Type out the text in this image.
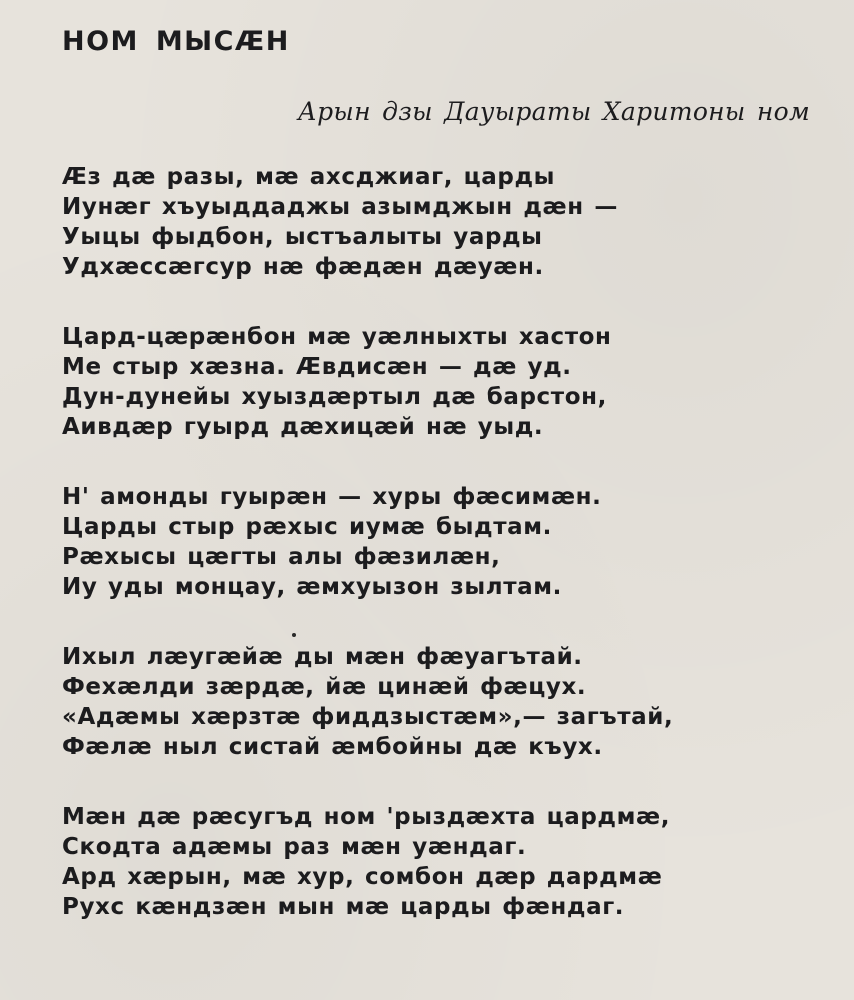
НОМ МЫСÆН

Арын дзы Дауыраты Харитоны ном

Æз дæ разы, мæ ахсджиаг, царды
Иунæг хъуыддаджы азымджын дæн —
Уыцы фыдбон, ыстъалыты уарды
Удхæссæгсур нæ фæдæн дæуæн.
Цард-цæрæнбон мæ уæлныхты хастон
Ме стыр хæзна. Æвдисæн — дæ уд.
Дун-дунейы хуыздæртыл дæ барстон,
Аивдæр гуырд дæхицæй нæ уыд.
Н' амонды гуырæн — хуры фæсимæн.
Царды стыр рæхыс иумæ быдтам.
Рæхысы цæгты алы фæзилæн,
Иу уды монцау, æмхуызон зылтам.
Ихыл лæугæйæ ды мæн фæуагътай.
Фехæлди зæрдæ, йæ цинæй фæцух.
«Адæмы хæрзтæ фиддзыстæм»,— загътай,
Фæлæ ныл систай æмбойны дæ къух.
Мæн дæ рæсугъд ном 'рыздæхта цардмæ,
Скодта адæмы раз мæн уæндаг.
Ард хæрын, мæ хур, сомбон дæр дардмæ
Рухс кæндзæн мын мæ царды фæндаг.
